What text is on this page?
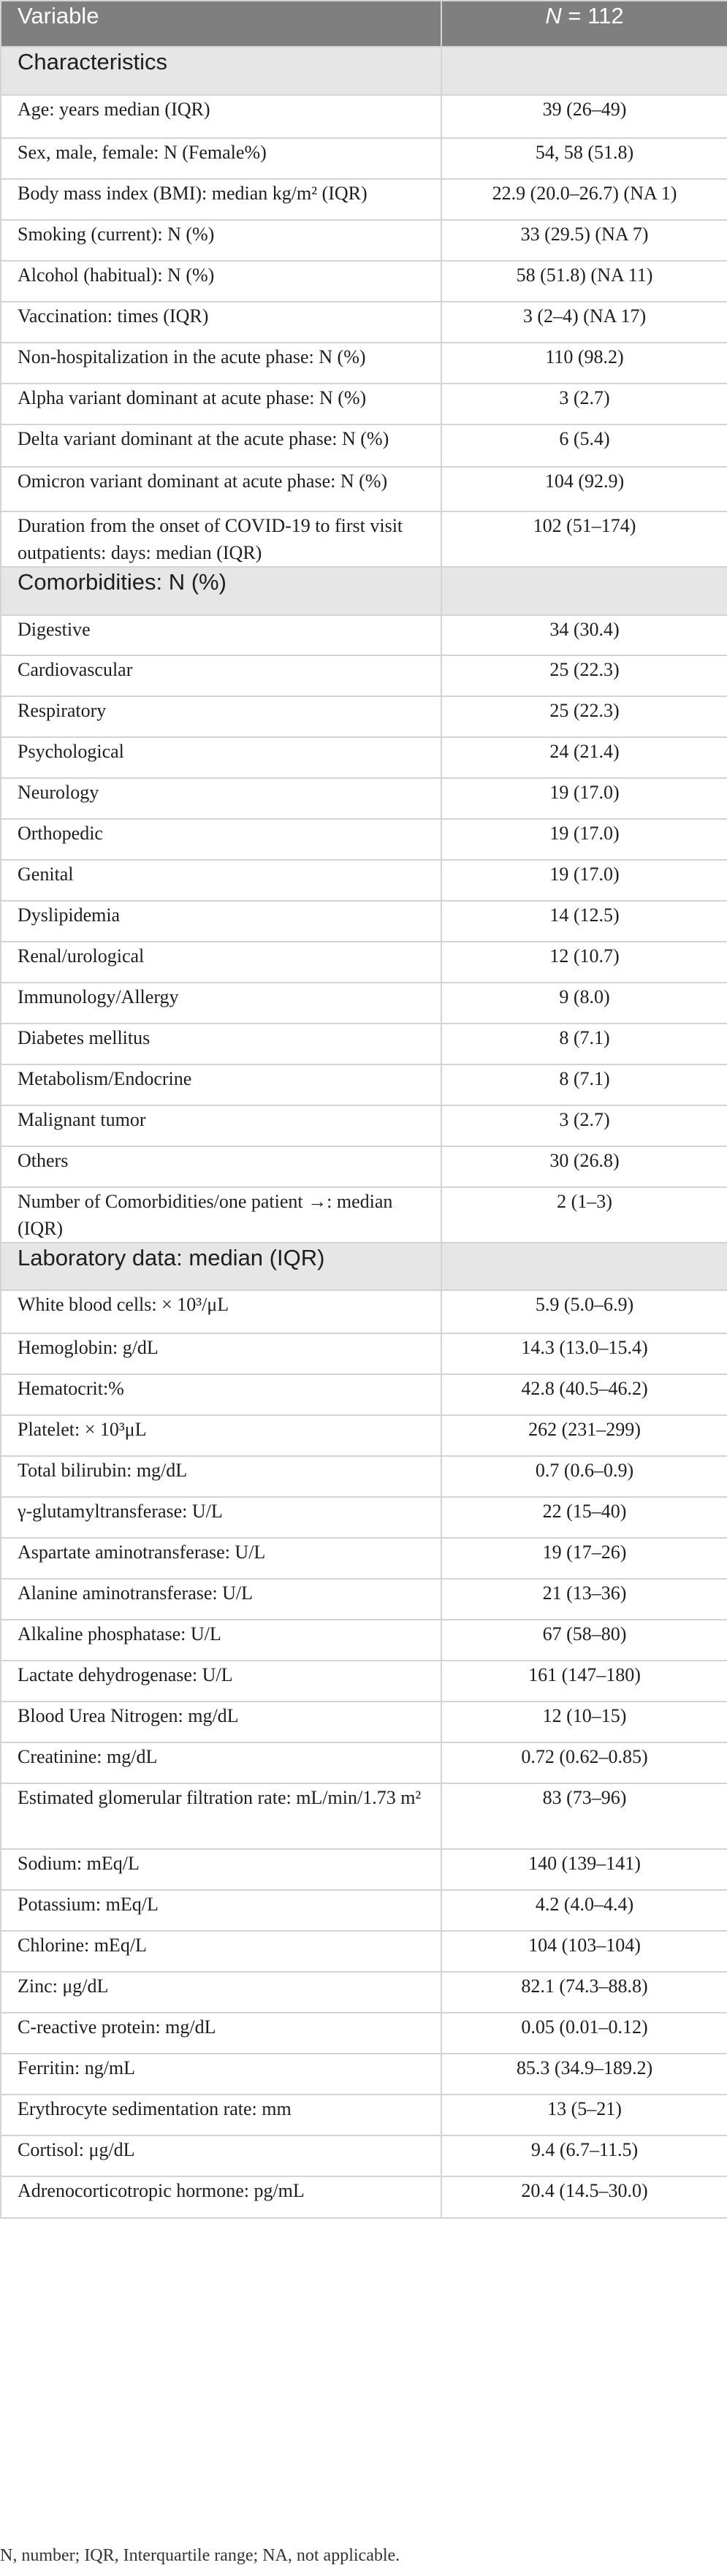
Variable	N = 112
Characteristics	
Age: years median (IQR)	39 (26–49)
Sex, male, female: N (Female%)	54, 58 (51.8)
Body mass index (BMI): median kg/m² (IQR)	22.9 (20.0–26.7) (NA 1)
Smoking (current): N (%)	33 (29.5) (NA 7)
Alcohol (habitual): N (%)	58 (51.8) (NA 11)
Vaccination: times (IQR)	3 (2–4) (NA 17)
Non-hospitalization in the acute phase: N (%)	110 (98.2)
Alpha variant dominant at acute phase: N (%)	3 (2.7)
Delta variant dominant at the acute phase: N (%)	6 (5.4)
Omicron variant dominant at acute phase: N (%)	104 (92.9)
Duration from the onset of COVID-19 to first visit outpatients: days: median (IQR)	102 (51–174)
Comorbidities: N (%)	
Digestive	34 (30.4)
Cardiovascular	25 (22.3)
Respiratory	25 (22.3)
Psychological	24 (21.4)
Neurology	19 (17.0)
Orthopedic	19 (17.0)
Genital	19 (17.0)
Dyslipidemia	14 (12.5)
Renal/urological	12 (10.7)
Immunology/Allergy	9 (8.0)
Diabetes mellitus	8 (7.1)
Metabolism/Endocrine	8 (7.1)
Malignant tumor	3 (2.7)
Others	30 (26.8)
Number of Comorbidities/one patient →: median (IQR)	2 (1–3)
Laboratory data: median (IQR)	
White blood cells: × 10³/μL	5.9 (5.0–6.9)
Hemoglobin: g/dL	14.3 (13.0–15.4)
Hematocrit:%	42.8 (40.5–46.2)
Platelet: × 10³μL	262 (231–299)
Total bilirubin: mg/dL	0.7 (0.6–0.9)
γ-glutamyltransferase: U/L	22 (15–40)
Aspartate aminotransferase: U/L	19 (17–26)
Alanine aminotransferase: U/L	21 (13–36)
Alkaline phosphatase: U/L	67 (58–80)
Lactate dehydrogenase: U/L	161 (147–180)
Blood Urea Nitrogen: mg/dL	12 (10–15)
Creatinine: mg/dL	0.72 (0.62–0.85)
Estimated glomerular filtration rate: mL/min/1.73 m²	83 (73–96)
Sodium: mEq/L	140 (139–141)
Potassium: mEq/L	4.2 (4.0–4.4)
Chlorine: mEq/L	104 (103–104)
Zinc: μg/dL	82.1 (74.3–88.8)
C-reactive protein: mg/dL	0.05 (0.01–0.12)
Ferritin: ng/mL	85.3 (34.9–189.2)
Erythrocyte sedimentation rate: mm	13 (5–21)
Cortisol: μg/dL	9.4 (6.7–11.5)
Adrenocorticotropic hormone: pg/mL	20.4 (14.5–30.0)

N, number; IQR, Interquartile range; NA, not applicable.
